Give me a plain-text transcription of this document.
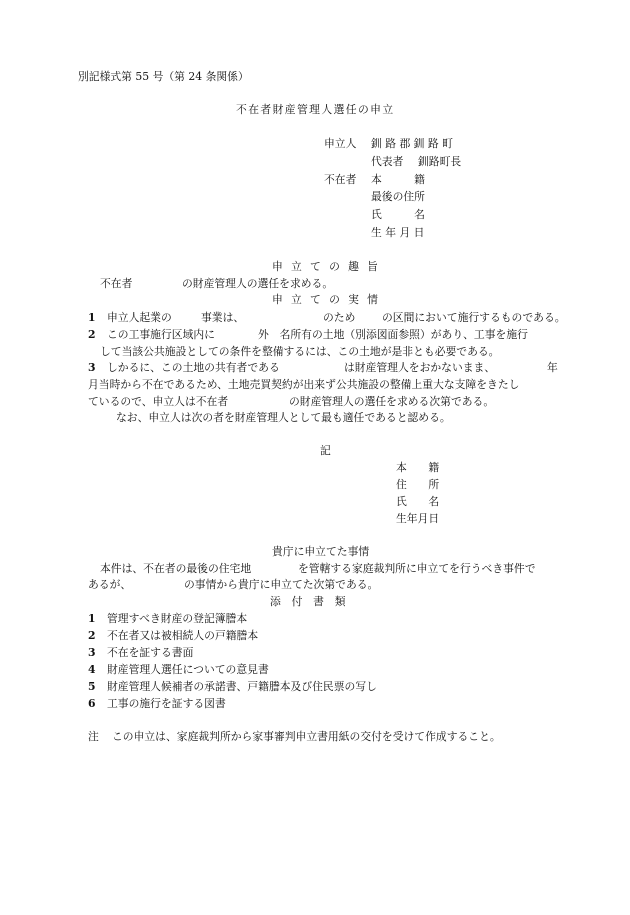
別記様式第 55 号（第 24 条関係）
不在者財産管理人選任の申立
申立人 釧 路 郡 釧 路 町
代表者 釧路町長
不在者 本　　　籍
最後の住所
氏　　　名
生 年 月 日
申 立 て の 趣 旨
不在者	の財産管理人の選任を求める。
申 立 て の 実 情
1 申立人起業の	事業は、	のため の区間において施行するものである。
2 この工事施行区域内に	外　名所有の土地（別添図面参照）があり、工事を施行
して当該公共施設としての条件を整備するには、この土地が是非とも必要である。
3 しかるに、この土地の共有者である	は財産管理人をおかないまま、	年
月当時から不在であるため、土地売買契約が出来ず公共施設の整備上重大な支障をきたし
ているので、申立人は不在者	の財産管理人の選任を求める次第である。
なお、申立人は次の者を財産管理人として最も適任であると認める。
記
本　　籍
住　　所
氏　　名
生年月日
貴庁に申立てた事情
本件は、不在者の最後の住宅地	を管轄する家庭裁判所に申立てを行うべき事件で
あるが、	の事情から貴庁に申立てた次第である。
添　付　書　類
1 管理すべき財産の登記簿謄本
2 不在者又は被相続人の戸籍謄本
3 不在を証する書面
4 財産管理人選任についての意見書
5 財産管理人候補者の承諾書、戸籍謄本及び住民票の写し
6 工事の施行を証する図書
注 この申立は、家庭裁判所から家事審判申立書用紙の交付を受けて作成すること。
